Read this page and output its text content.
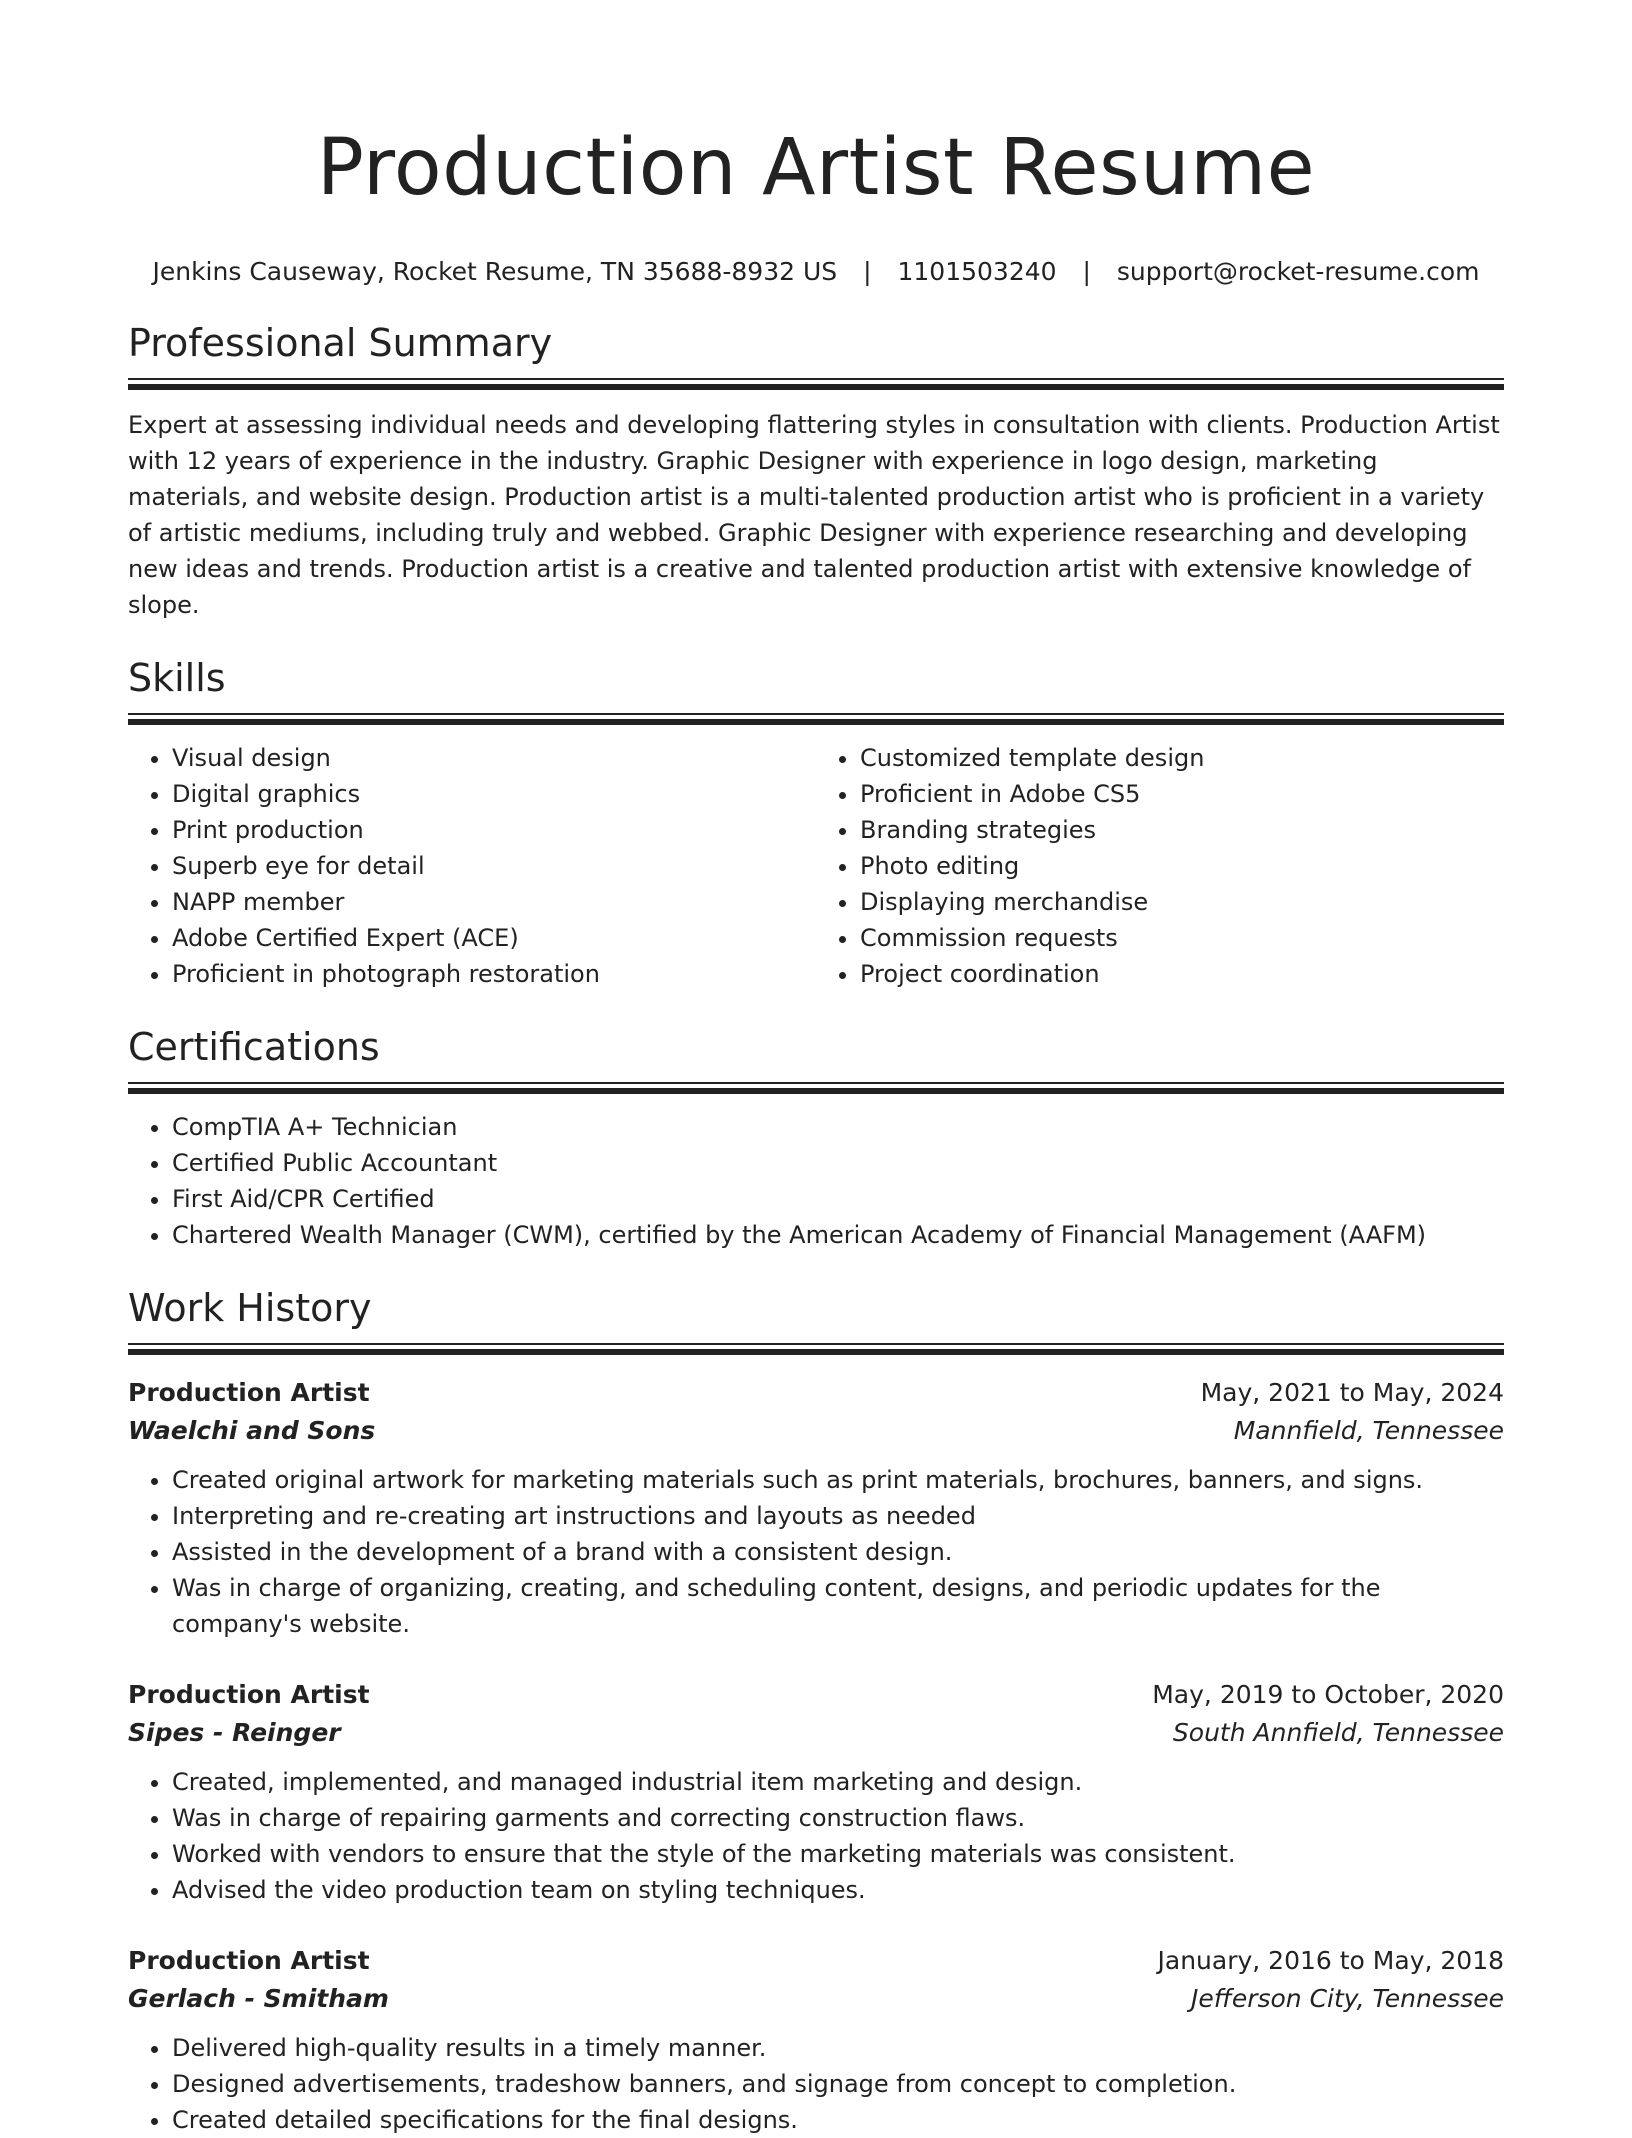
Production Artist Resume
Jenkins Causeway, Rocket Resume, TN 35688-8932 US | 1101503240 | support@rocket-resume.com
Professional Summary

Expert at assessing individual needs and developing flattering styles in consultation with clients. Production Artist with 12 years of experience in the industry. Graphic Designer with experience in logo design, marketing materials, and website design. Production artist is a multi-talented production artist who is proficient in a variety of artistic mediums, including truly and webbed. Graphic Designer with experience researching and developing new ideas and trends. Production artist is a creative and talented production artist with extensive knowledge of slope.

Skills
• Visual design
• Digital graphics
• Print production
• Superb eye for detail
• NAPP member
• Adobe Certified Expert (ACE)
• Proficient in photograph restoration
• Customized template design
• Proficient in Adobe CS5
• Branding strategies
• Photo editing
• Displaying merchandise
• Commission requests
• Project coordination
Certifications
• CompTIA A+ Technician
• Certified Public Accountant
• First Aid/CPR Certified
• Chartered Wealth Manager (CWM), certified by the American Academy of Financial Management (AAFM)
Work History
Production Artist	May, 2021 to May, 2024
Waelchi and Sons	Mannfield, Tennessee
• Created original artwork for marketing materials such as print materials, brochures, banners, and signs.
• Interpreting and re-creating art instructions and layouts as needed
• Assisted in the development of a brand with a consistent design.
• Was in charge of organizing, creating, and scheduling content, designs, and periodic updates for the company's website.
Production Artist	May, 2019 to October, 2020
Sipes - Reinger	South Annfield, Tennessee
• Created, implemented, and managed industrial item marketing and design.
• Was in charge of repairing garments and correcting construction flaws.
• Worked with vendors to ensure that the style of the marketing materials was consistent.
• Advised the video production team on styling techniques.
Production Artist	January, 2016 to May, 2018
Gerlach - Smitham	Jefferson City, Tennessee
• Delivered high-quality results in a timely manner.
• Designed advertisements, tradeshow banners, and signage from concept to completion.
• Created detailed specifications for the final designs.
